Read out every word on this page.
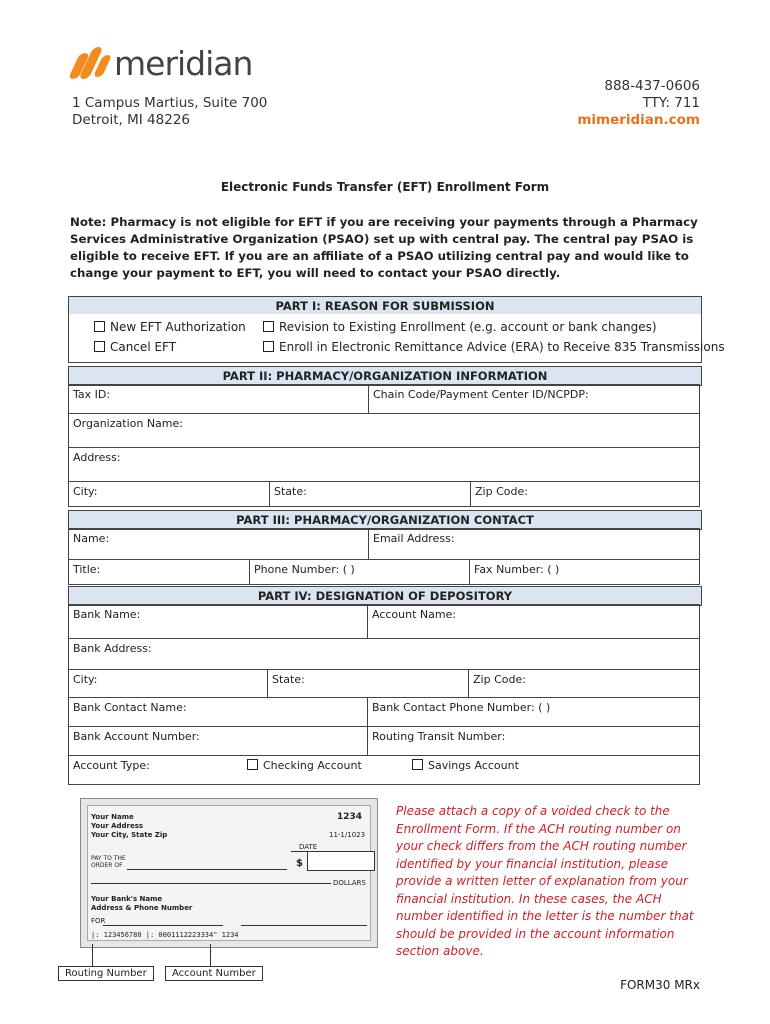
meridian
1 Campus Martius, Suite 700
Detroit, MI 48226
888-437-0606
TTY: 711
mimeridian.com
Electronic Funds Transfer (EFT) Enrollment Form
Note: Pharmacy is not eligible for EFT if you are receiving your payments through a Pharmacy Services Administrative Organization (PSAO) set up with central pay. The central pay PSAO is eligible to receive EFT. If you are an affiliate of a PSAO utilizing central pay and would like to change your payment to EFT, you will need to contact your PSAO directly.
PART I: REASON FOR SUBMISSION
New EFT Authorization
Cancel EFT
Revision to Existing Enrollment (e.g. account or bank changes)
Enroll in Electronic Remittance Advice (ERA) to Receive 835 Transmissions
PART II: PHARMACY/ORGANIZATION INFORMATION
Tax ID:	Chain Code/Payment Center ID/NCPDP:
Organization Name:
Address:
City:	State:	Zip Code:
PART III: PHARMACY/ORGANIZATION CONTACT
Name:	Email Address:
Title:	Phone Number: ( )	Fax Number: ( )
PART IV: DESIGNATION OF DEPOSITORY
Bank Name:	Account Name:
Bank Address:
City:	State:	Zip Code:
Bank Contact Name:	Bank Contact Phone Number: ( )
Bank Account Number:	Routing Transit Number:
Account Type:	Checking Account	Savings Account
Your Name
Your Address
Your City, State Zip
1234
11-1/1023
DATE
PAY TO THE ORDER OF	$
DOLLARS
Your Bank's Name
Address & Phone Number
FOR
|: 123456780 |: 0001112223334" 1234
Routing Number	Account Number
Please attach a copy of a voided check to the Enrollment Form. If the ACH routing number on your check differs from the ACH routing number identified by your financial institution, please provide a written letter of explanation from your financial institution. In these cases, the ACH number identified in the letter is the number that should be provided in the account information section above.
FORM30 MRx
